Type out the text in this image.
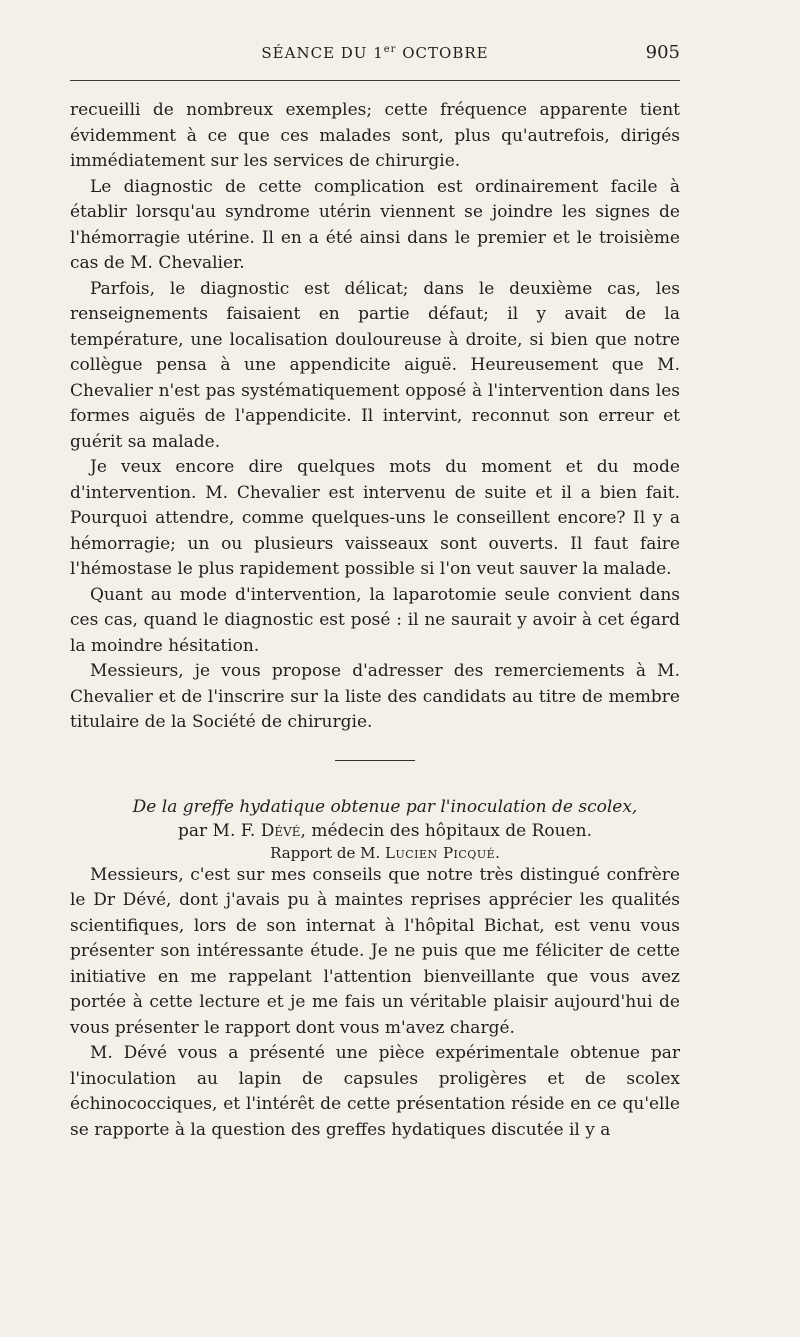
SÉANCE DU 1er OCTOBRE	905

recueilli de nombreux exemples; cette fréquence apparente tient évidemment à ce que ces malades sont, plus qu'autrefois, dirigés immédiatement sur les services de chirurgie.

Le diagnostic de cette complication est ordinairement facile à établir lorsqu'au syndrome utérin viennent se joindre les signes de l'hémorragie utérine. Il en a été ainsi dans le premier et le troisième cas de M. Chevalier.

Parfois, le diagnostic est délicat; dans le deuxième cas, les renseignements faisaient en partie défaut; il y avait de la température, une localisation douloureuse à droite, si bien que notre collègue pensa à une appendicite aiguë. Heureusement que M. Chevalier n'est pas systématiquement opposé à l'intervention dans les formes aiguës de l'appendicite. Il intervint, reconnut son erreur et guérit sa malade.

Je veux encore dire quelques mots du moment et du mode d'intervention. M. Chevalier est intervenu de suite et il a bien fait. Pourquoi attendre, comme quelques-uns le conseillent encore? Il y a hémorragie; un ou plusieurs vaisseaux sont ouverts. Il faut faire l'hémostase le plus rapidement possible si l'on veut sauver la malade.

Quant au mode d'intervention, la laparotomie seule convient dans ces cas, quand le diagnostic est posé : il ne saurait y avoir à cet égard la moindre hésitation.

Messieurs, je vous propose d'adresser des remerciements à M. Chevalier et de l'inscrire sur la liste des candidats au titre de membre titulaire de la Société de chirurgie.

De la greffe hydatique obtenue par l'inoculation de scolex,

par M. F. Dévé, médecin des hôpitaux de Rouen.

Rapport de M. Lucien Picqué.

Messieurs, c'est sur mes conseils que notre très distingué confrère le Dr Dévé, dont j'avais pu à maintes reprises apprécier les qualités scientifiques, lors de son internat à l'hôpital Bichat, est venu vous présenter son intéressante étude. Je ne puis que me féliciter de cette initiative en me rappelant l'attention bienveillante que vous avez portée à cette lecture et je me fais un véritable plaisir aujourd'hui de vous présenter le rapport dont vous m'avez chargé.

M. Dévé vous a présenté une pièce expérimentale obtenue par l'inoculation au lapin de capsules proligères et de scolex échinococciques, et l'intérêt de cette présentation réside en ce qu'elle se rapporte à la question des greffes hydatiques discutée il y a
